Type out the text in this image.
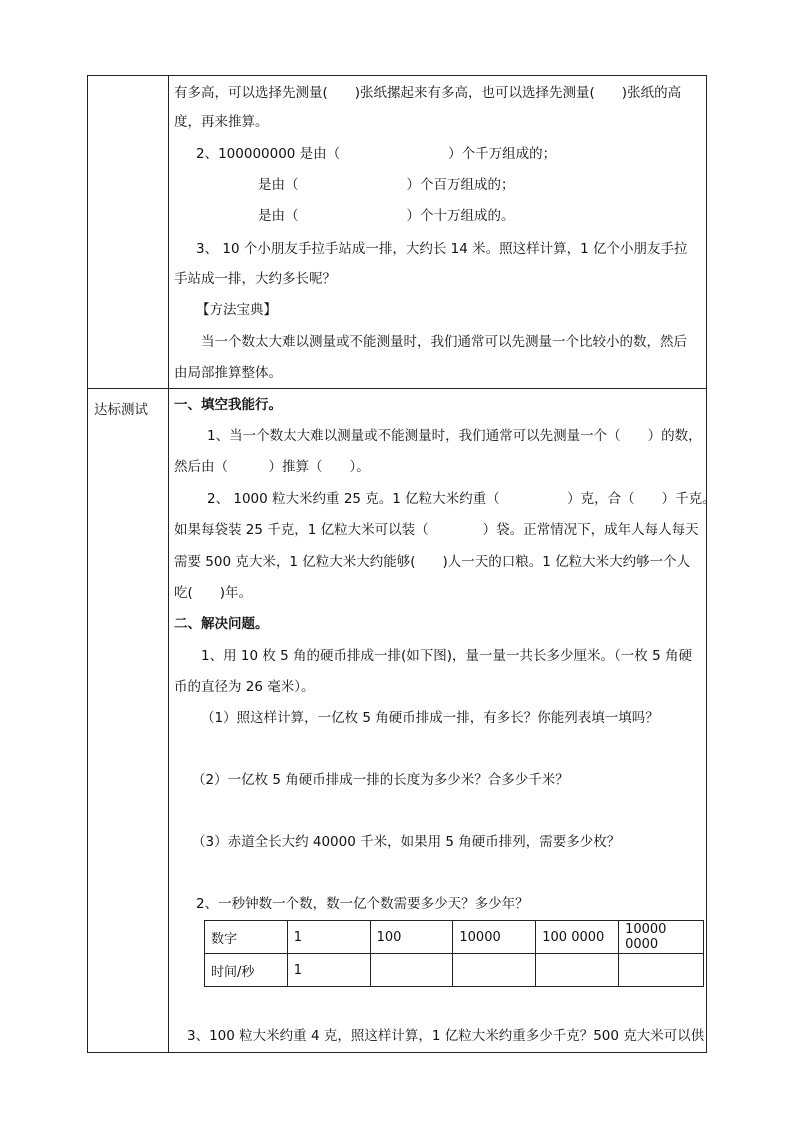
达标测试
有多高，可以选择先测量(　　)张纸摞起来有多高，也可以选择先测量(　　)张纸的高
度，再来推算。
2、100000000 是由（　　　　　　　　）个千万组成的；
是由（　　　　　　　　）个百万组成的；
是由（　　　　　　　　）个十万组成的。
3、 10 个小朋友手拉手站成一排，大约长 14 米。照这样计算，1 亿个小朋友手拉
手站成一排，大约多长呢？
【方法宝典】
当一个数太大难以测量或不能测量时，我们通常可以先测量一个比较小的数，然后
由局部推算整体。
一、填空我能行。
1、当一个数太大难以测量或不能测量时，我们通常可以先测量一个（　　）的数，
然后由（　　　）推算（　　）。
2、 1000 粒大米约重 25 克。1 亿粒大米约重（　　　　　）克，合（　　）千克。
如果每袋装 25 千克，1 亿粒大米可以装（　　　　）袋。正常情况下，成年人每人每天
需要 500 克大米，1 亿粒大米大约能够(　　)人一天的口粮。1 亿粒大米大约够一个人
吃(　　)年。
二、解决问题。
1、用 10 枚 5 角的硬币排成一排(如下图)，量一量一共长多少厘米。（一枚 5 角硬
币的直径为 26 毫米）。
（1）照这样计算，一亿枚 5 角硬币排成一排，有多长？你能列表填一填吗？
（2）一亿枚 5 角硬币排成一排的长度为多少米？合多少千米？
（3）赤道全长大约 40000 千米，如果用 5 角硬币排列，需要多少枚？
2、一秒钟数一个数，数一亿个数需要多少天？多少年？
数字	1	100	10000	100 0000	10000 0000
时间/秒	1				
3、100 粒大米约重 4 克，照这样计算，1 亿粒大米约重多少千克？500 克大米可以供
